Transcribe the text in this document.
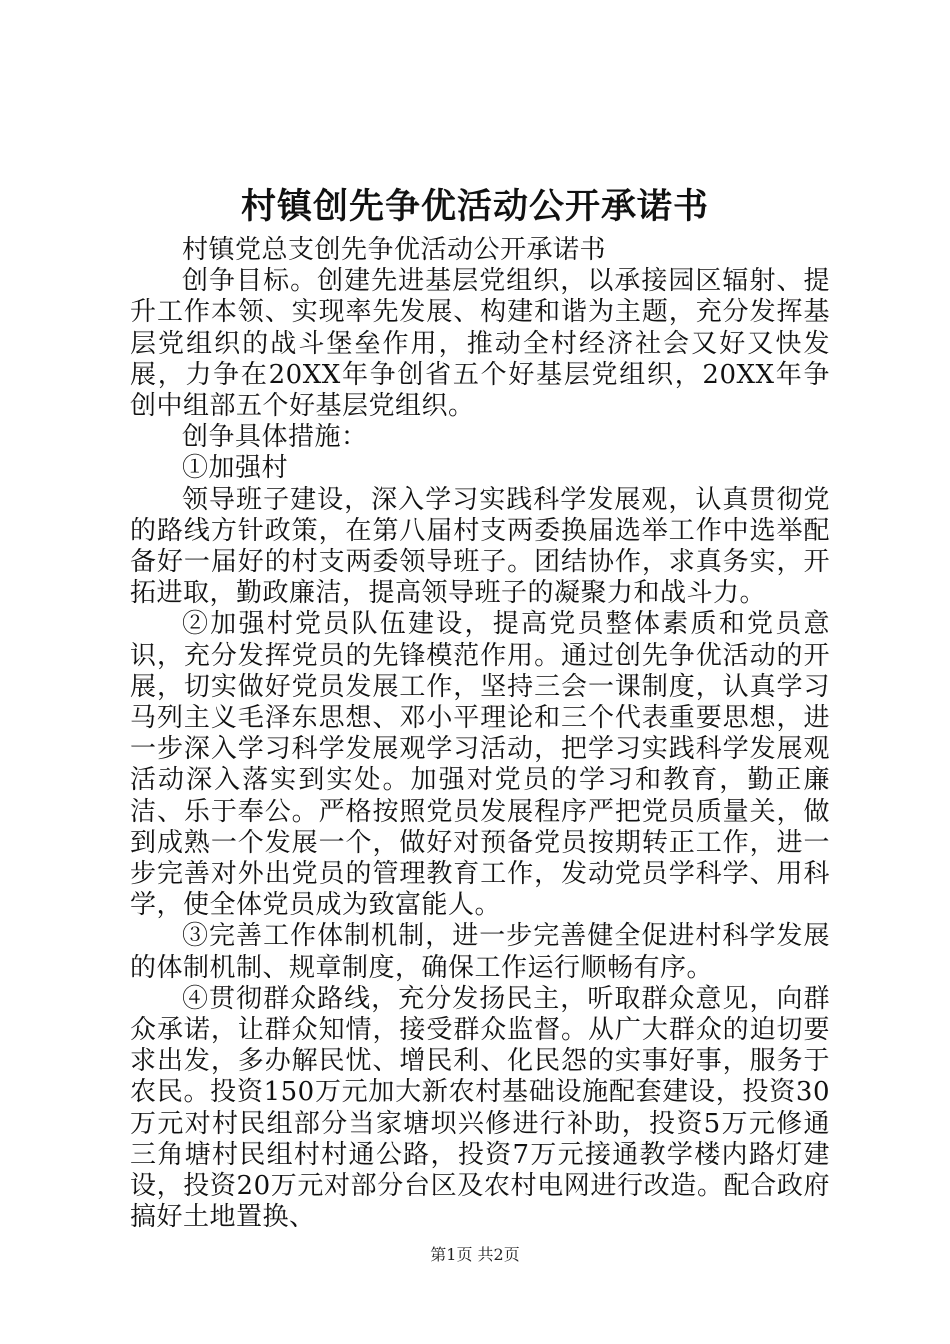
村镇创先争优活动公开承诺书

村镇党总支创先争优活动公开承诺书

创争目标。创建先进基层党组织，以承接园区辐射、提升工作本领、实现率先发展、构建和谐为主题，充分发挥基层党组织的战斗堡垒作用，推动全村经济社会又好又快发展，力争在20XX年争创省五个好基层党组织，20XX年争创中组部五个好基层党组织。

创争具体措施：

①加强村

领导班子建设，深入学习实践科学发展观，认真贯彻党的路线方针政策，在第八届村支两委换届选举工作中选举配备好一届好的村支两委领导班子。团结协作，求真务实，开拓进取，勤政廉洁，提高领导班子的凝聚力和战斗力。

②加强村党员队伍建设，提高党员整体素质和党员意识，充分发挥党员的先锋模范作用。通过创先争优活动的开展，切实做好党员发展工作，坚持三会一课制度，认真学习马列主义毛泽东思想、邓小平理论和三个代表重要思想，进一步深入学习科学发展观学习活动，把学习实践科学发展观活动深入落实到实处。加强对党员的学习和教育，勤正廉洁、乐于奉公。严格按照党员发展程序严把党员质量关，做到成熟一个发展一个，做好对预备党员按期转正工作，进一步完善对外出党员的管理教育工作，发动党员学科学、用科学，使全体党员成为致富能人。

③完善工作体制机制，进一步完善健全促进村科学发展的体制机制、规章制度，确保工作运行顺畅有序。

④贯彻群众路线，充分发扬民主，听取群众意见，向群众承诺，让群众知情，接受群众监督。从广大群众的迫切要求出发，多办解民忧、增民利、化民怨的实事好事，服务于农民。投资150万元加大新农村基础设施配套建设，投资30万元对村民组部分当家塘坝兴修进行补助，投资5万元修通三角塘村民组村村通公路，投资7万元接通教学楼内路灯建设，投资20万元对部分台区及农村电网进行改造。配合政府搞好土地置换、

第1页 共2页
